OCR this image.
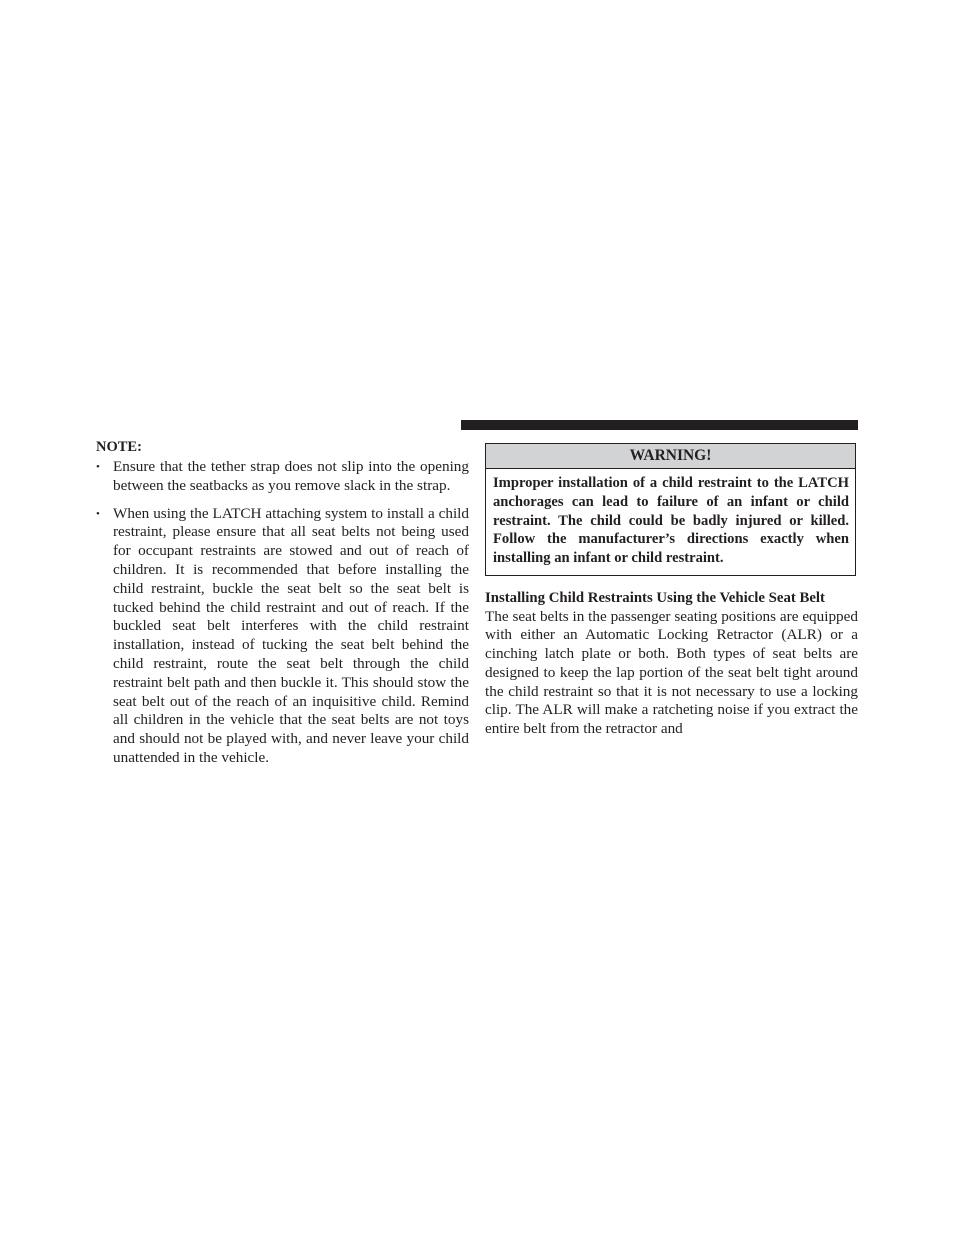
NOTE:

• Ensure that the tether strap does not slip into the opening between the seatbacks as you remove slack in the strap.
• When using the LATCH attaching system to install a child restraint, please ensure that all seat belts not being used for occupant restraints are stowed and out of reach of children. It is recommended that before installing the child restraint, buckle the seat belt so the seat belt is tucked behind the child restraint and out of reach. If the buckled seat belt interferes with the child restraint installation, instead of tucking the seat belt behind the child restraint, route the seat belt through the child restraint belt path and then buckle it. This should stow the seat belt out of the reach of an inquisitive child. Remind all children in the vehicle that the seat belts are not toys and should not be played with, and never leave your child unattended in the vehicle.
WARNING!
Improper installation of a child restraint to the LATCH anchorages can lead to failure of an infant or child restraint. The child could be badly injured or killed. Follow the manufacturer’s directions exactly when installing an infant or child restraint.

Installing Child Restraints Using the Vehicle Seat Belt

The seat belts in the passenger seating positions are equipped with either an Automatic Locking Retractor (ALR) or a cinching latch plate or both. Both types of seat belts are designed to keep the lap portion of the seat belt tight around the child restraint so that it is not necessary to use a locking clip. The ALR will make a ratcheting noise if you extract the entire belt from the retractor and
